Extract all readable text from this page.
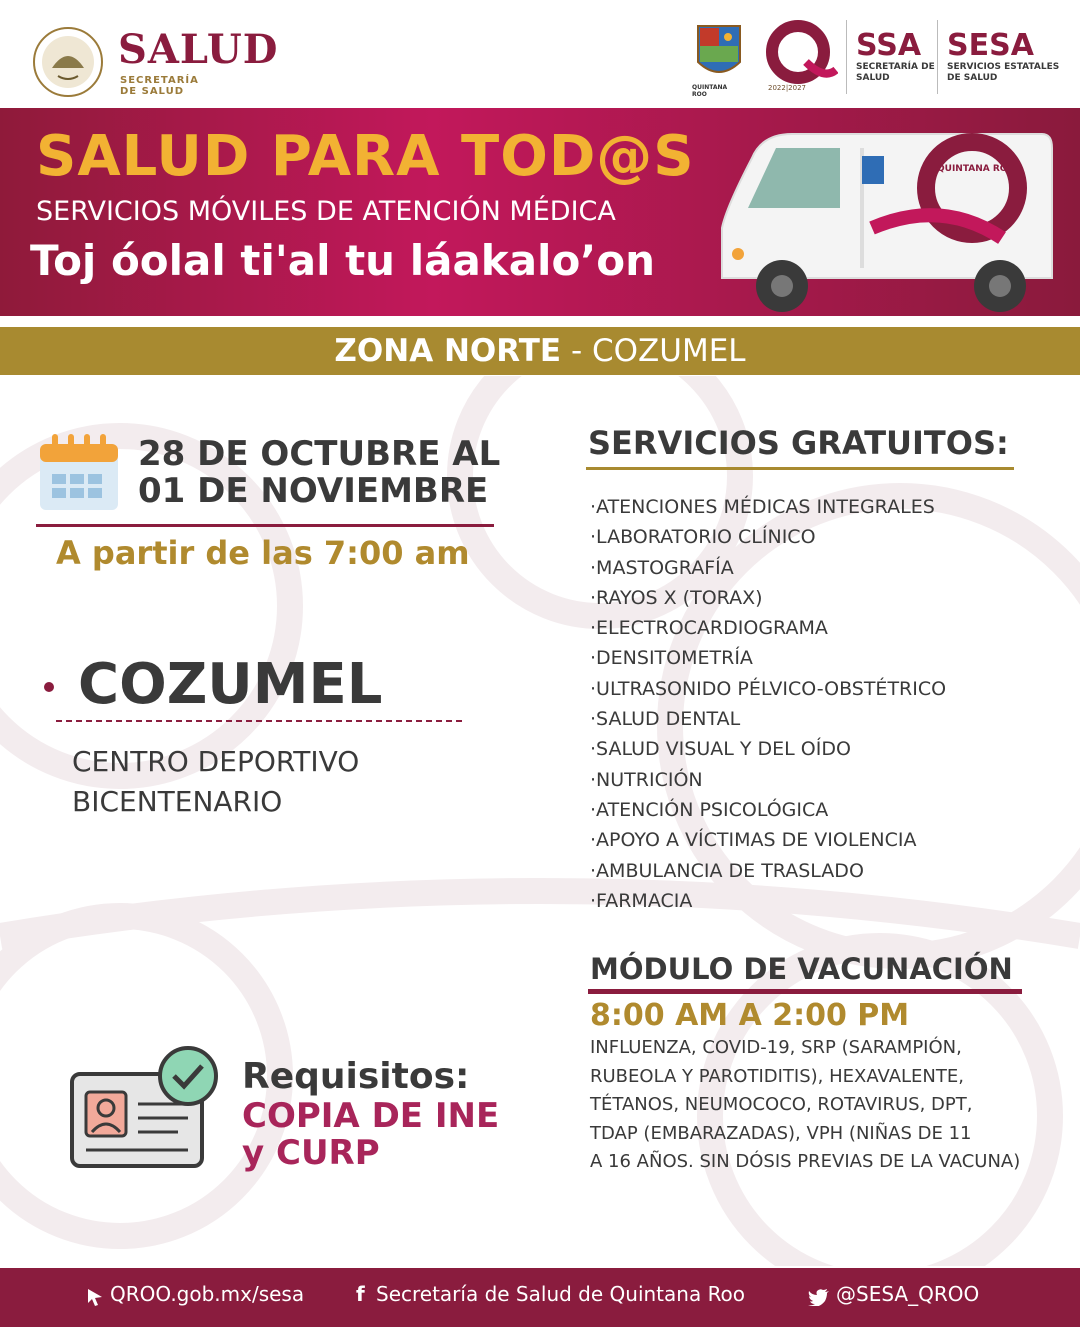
SALUD
SECRETARÍA DE SALUD	QUINTANA ROO
2022|2027
SSA
SECRETARÍA DE SALUD
SESA
SERVICIOS ESTATALES DE SALUD
SALUD PARA TOD@S
SERVICIOS MÓVILES DE ATENCIÓN MÉDICA
Toj óolal ti'al tu láakalo’on
QUINTANA ROO
ZONA NORTE - COZUMEL
28 DE OCTUBRE AL
01 DE NOVIEMBRE
A partir de las 7:00 am
COZUMEL
CENTRO DEPORTIVO
BICENTENARIO
Requisitos:
COPIA DE INE
y CURP
SERVICIOS GRATUITOS:
· ATENCIONES MÉDICAS INTEGRALES
· LABORATORIO CLÍNICO
· MASTOGRAFÍA
· RAYOS X (TORAX)
· ELECTROCARDIOGRAMA
· DENSITOMETRÍA
· ULTRASONIDO PÉLVICO-OBSTÉTRICO
· SALUD DENTAL
· SALUD VISUAL Y DEL OÍDO
· NUTRICIÓN
· ATENCIÓN PSICOLÓGICA
· APOYO A VÍCTIMAS DE VIOLENCIA
· AMBULANCIA DE TRASLADO
· FARMACIA
MÓDULO DE VACUNACIÓN
8:00 AM A 2:00 PM
INFLUENZA, COVID-19, SRP (SARAMPIÓN,
RUBEOLA Y PAROTIDITIS), HEXAVALENTE,
TÉTANOS, NEUMOCOCO, ROTAVIRUS, DPT,
TDAP (EMBARAZADAS), VPH (NIÑAS DE 11
A 16 AÑOS. SIN DÓSIS PREVIAS DE LA VACUNA)
QROO.gob.mx/sesa	f Secretaría de Salud de Quintana Roo	@SESA_QROO
